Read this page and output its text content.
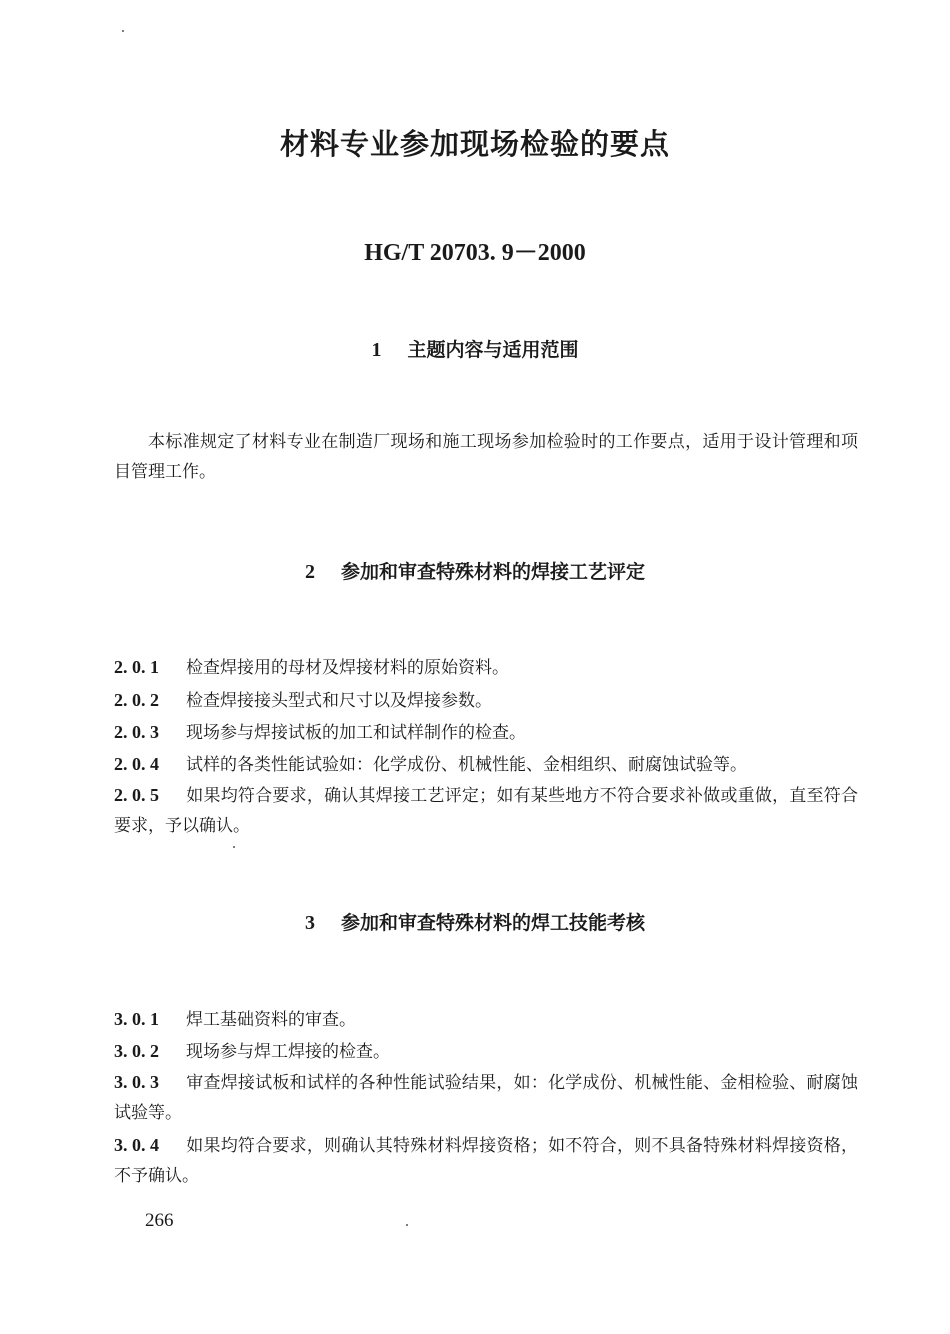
材料专业参加现场检验的要点

HG/T 20703. 9－2000

1 主题内容与适用范围

本标准规定了材料专业在制造厂现场和施工现场参加检验时的工作要点，适用于设计管理和项目管理工作。

2 参加和审查特殊材料的焊接工艺评定

2. 0. 1 检查焊接用的母材及焊接材料的原始资料。

2. 0. 2 检查焊接接头型式和尺寸以及焊接参数。

2. 0. 3 现场参与焊接试板的加工和试样制作的检查。

2. 0. 4 试样的各类性能试验如：化学成份、机械性能、金相组织、耐腐蚀试验等。

2. 0. 5 如果均符合要求，确认其焊接工艺评定；如有某些地方不符合要求补做或重做，直至符合要求，予以确认。

3 参加和审查特殊材料的焊工技能考核

3. 0. 1 焊工基础资料的审查。

3. 0. 2 现场参与焊工焊接的检查。

3. 0. 3 审查焊接试板和试样的各种性能试验结果，如：化学成份、机械性能、金相检验、耐腐蚀试验等。

3. 0. 4 如果均符合要求，则确认其特殊材料焊接资格；如不符合，则不具备特殊材料焊接资格，不予确认。

266
